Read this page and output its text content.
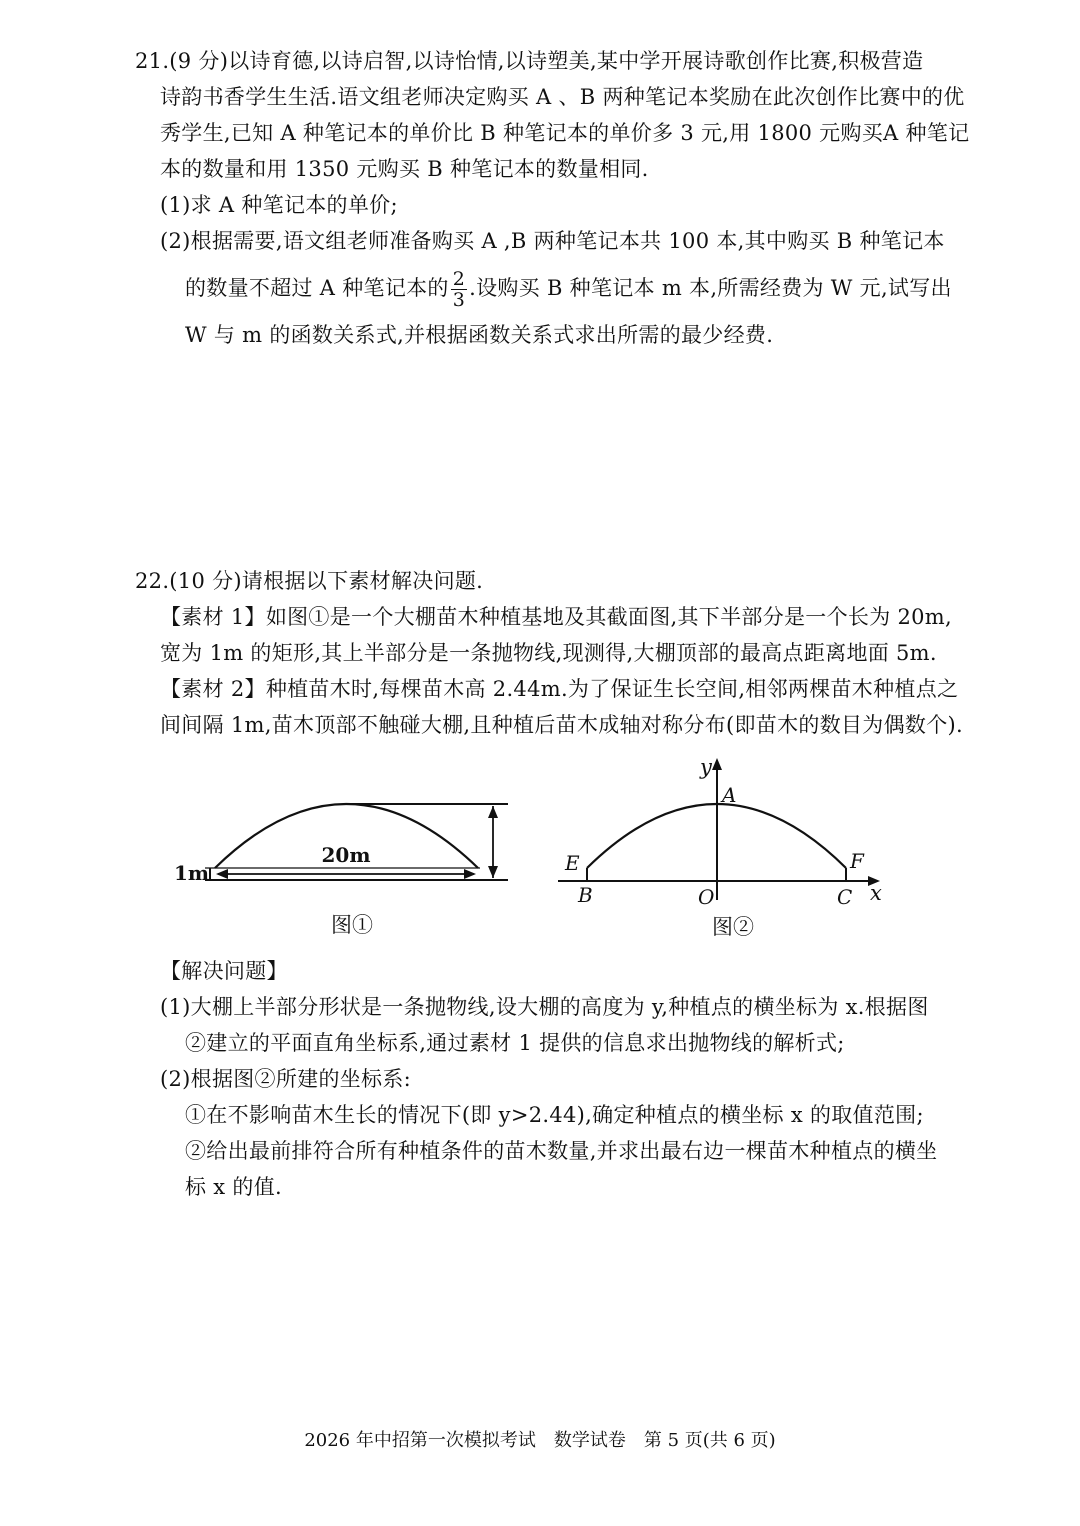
21.(9 分)以诗育德,以诗启智,以诗怡情,以诗塑美,某中学开展诗歌创作比赛,积极营造
诗韵书香学生生活.语文组老师决定购买 A 、B 两种笔记本奖励在此次创作比赛中的优
秀学生,已知 A 种笔记本的单价比 B 种笔记本的单价多 3 元,用 1800 元购买A 种笔记
本的数量和用 1350 元购买 B 种笔记本的数量相同.
(1)求 A 种笔记本的单价;
(2)根据需要,语文组老师准备购买 A ,B 两种笔记本共 100 本,其中购买 B 种笔记本
的数量不超过 A 种笔记本的 $\frac{2}{3}$ .设购买 B 种笔记本 m 本,所需经费为 W 元,试写出
W 与 m 的函数关系式,并根据函数关系式求出所需的最少经费.
22.(10 分)请根据以下素材解决问题.
【素材 1】如图①是一个大棚苗木种植基地及其截面图,其下半部分是一个长为 20m,
宽为 1m 的矩形,其上半部分是一条抛物线,现测得,大棚顶部的最高点距离地面 5m.
【素材 2】种植苗木时,每棵苗木高 2.44m.为了保证生长空间,相邻两棵苗木种植点之
间间隔 1m,苗木顶部不触碰大棚,且种植后苗木成轴对称分布(即苗木的数目为偶数个).
20m
1m
图①
y
A
E	F
B	O	C x
图②
【解决问题】
(1)大棚上半部分形状是一条抛物线,设大棚的高度为 y,种植点的横坐标为 x.根据图
②建立的平面直角坐标系,通过素材 1 提供的信息求出抛物线的解析式;
(2)根据图②所建的坐标系:
①在不影响苗木生长的情况下(即 y>2.44),确定种植点的横坐标 x 的取值范围;
②给出最前排符合所有种植条件的苗木数量,并求出最右边一棵苗木种植点的横坐
标 x 的值.
2026 年中招第一次模拟考试　数学试卷　第 5 页(共 6 页)
